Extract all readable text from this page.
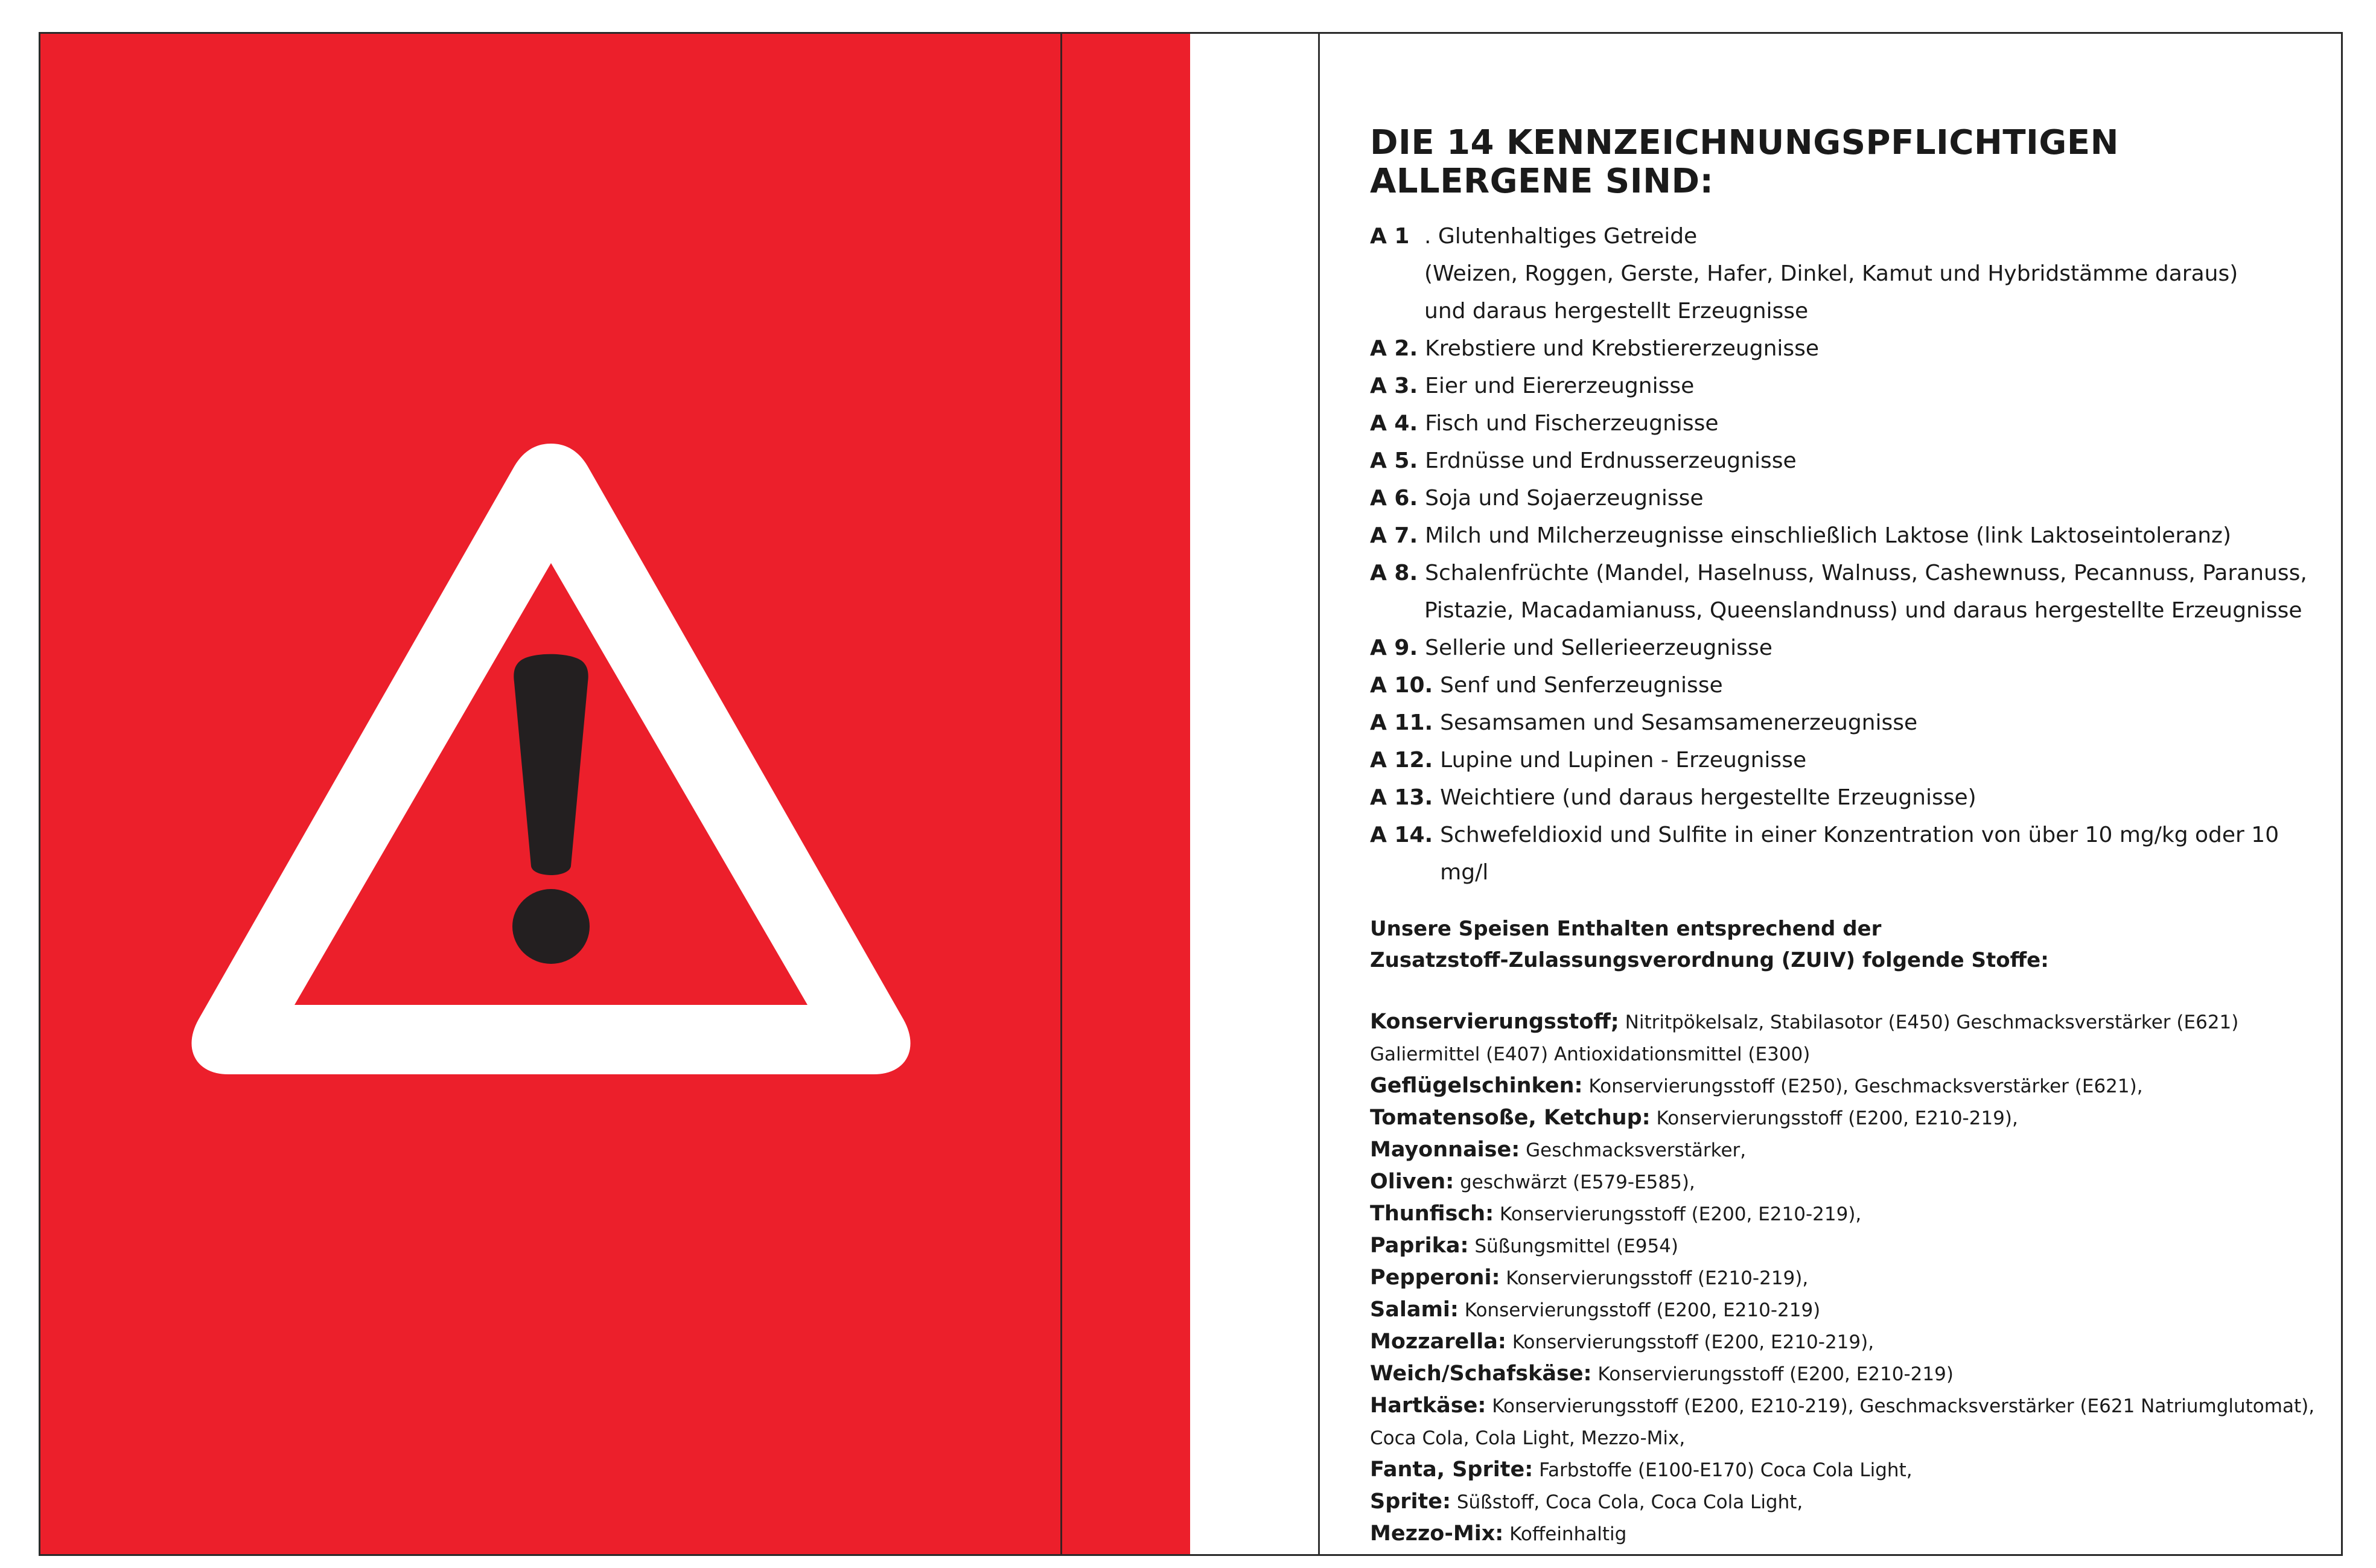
DIE 14 KENNZEICHNUNGSPFLICHTIGEN
ALLERGENE SIND:
A 1 . Glutenhaltiges Getreide
(Weizen, Roggen, Gerste, Hafer, Dinkel, Kamut und Hybridstämme daraus)
und daraus hergestellt Erzeugnisse
A 2. Krebstiere und Krebstiererzeugnisse
A 3. Eier und Eiererzeugnisse
A 4. Fisch und Fischerzeugnisse
A 5. Erdnüsse und Erdnusserzeugnisse
A 6. Soja und Sojaerzeugnisse
A 7. Milch und Milcherzeugnisse einschließlich Laktose (link Laktoseintoleranz)
A 8. Schalenfrüchte (Mandel, Haselnuss, Walnuss, Cashewnuss, Pecannuss, Paranuss,
Pistazie, Macadamianuss, Queenslandnuss) und daraus hergestellte Erzeugnisse
A 9. Sellerie und Sellerieerzeugnisse
A 10. Senf und Senferzeugnisse
A 11. Sesamsamen und Sesamsamenerzeugnisse
A 12. Lupine und Lupinen - Erzeugnisse
A 13. Weichtiere (und daraus hergestellte Erzeugnisse)
A 14. Schwefeldioxid und Sulfite in einer Konzentration von über 10 mg/kg oder 10 mg/l
Unsere Speisen Enthalten entsprechend der
Zusatzstoff-Zulassungsverordnung (ZUIV) folgende Stoffe:
Konservierungsstoff; Nitritpökelsalz, Stabilasotor (E450) Geschmacksverstärker (E621)
Galiermittel (E407) Antioxidationsmittel (E300)
Geflügelschinken: Konservierungsstoff (E250), Geschmacksverstärker (E621),
Tomatensoße, Ketchup: Konservierungsstoff (E200, E210-219),
Mayonnaise: Geschmacksverstärker,
Oliven: geschwärzt (E579-E585),
Thunfisch: Konservierungsstoff (E200, E210-219),
Paprika: Süßungsmittel (E954)
Pepperoni: Konservierungsstoff (E210-219),
Salami: Konservierungsstoff (E200, E210-219)
Mozzarella: Konservierungsstoff (E200, E210-219),
Weich/Schafskäse: Konservierungsstoff (E200, E210-219)
Hartkäse: Konservierungsstoff (E200, E210-219), Geschmacksverstärker (E621 Natriumglutomat),
Coca Cola, Cola Light, Mezzo-Mix,
Fanta, Sprite: Farbstoffe (E100-E170) Coca Cola Light,
Sprite: Süßstoff, Coca Cola, Coca Cola Light,
Mezzo-Mix: Koffeinhaltig
